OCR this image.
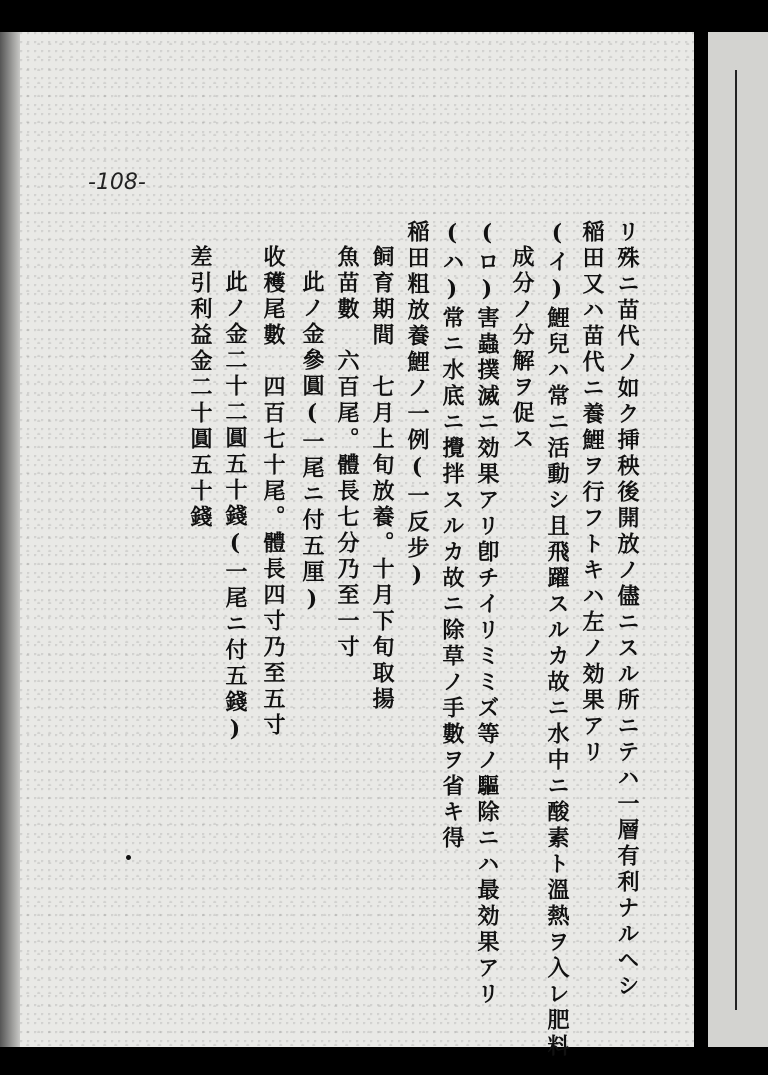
-108-
リ殊ニ苗代ノ如ク挿秧後開放ノ儘ニスル所ニテハ一層有利ナルヘシ
稲田又ハ苗代ニ養鯉ヲ行フトキハ左ノ効果アリ
(イ)鯉兒ハ常ニ活動シ且飛躍スルカ故ニ水中ニ酸素ト溫熱ヲ入レ肥料
成分ノ分解ヲ促ス
(ロ)害蟲撲滅ニ効果アリ卽チイリミミズ等ノ驅除ニハ最効果アリ
(ハ)常ニ水底ニ攪拌スルカ故ニ除草ノ手數ヲ省キ得
稲田粗放養鯉ノ一例(一反步)
飼育期間　七月上旬放養。十月下旬取揚
魚苗數　六百尾。體長七分乃至一寸
此ノ金參圓(一尾ニ付五厘)
收穫尾數　四百七十尾。體長四寸乃至五寸
此ノ金二十二圓五十錢(一尾ニ付五錢)
差引利益金二十圓五十錢
